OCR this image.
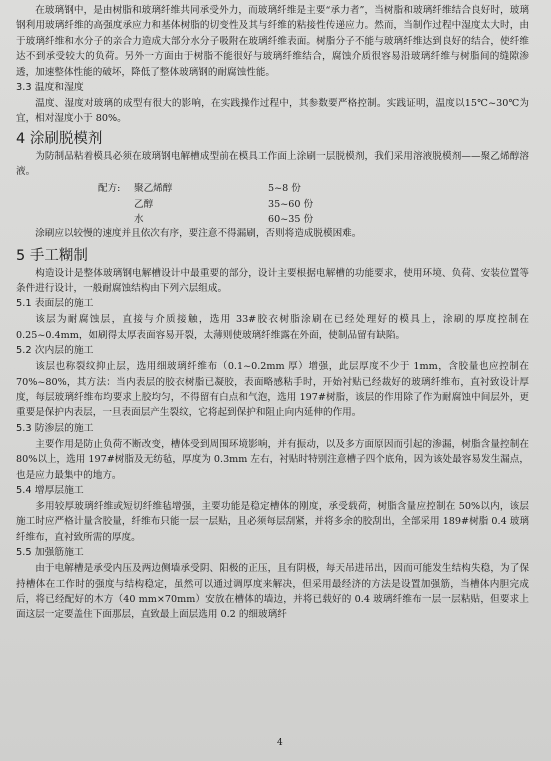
在玻璃钢中，是由树脂和玻璃纤维共同承受外力，而玻璃纤维是主要“承力者”，当树脂和玻璃纤维结合良好时，玻璃钢利用玻璃纤维的高强度承应力和基体树脂的切变性及其与纤维的粘接性传递应力。然而，当制作过程中湿度太大时，由于玻璃纤维和水分子的亲合力造成大部分水分子吸附在玻璃纤维表面。树脂分子不能与玻璃纤维达到良好的结合，使纤维达不到承受较大的负荷。另外一方面由于树脂不能很好与玻璃纤维结合，腐蚀介质很容易沿玻璃纤维与树脂间的缝隙渗透，加速整体性能的破坏，降低了整体玻璃钢的耐腐蚀性能。

3.3 温度和湿度

温度、湿度对玻璃的成型有很大的影响，在实践操作过程中，其参数要严格控制。实践证明，温度以15℃~30℃为宜，相对湿度小于 80%。

4 涂刷脱模剂

为防制品粘着模具必须在玻璃钢电解槽成型前在模具工作面上涂刷一层脱模剂，我们采用溶液脱模剂——聚乙烯醇溶液。

配方:	聚乙烯醇	5~8 份
	乙醇	35~60 份
	水	60~35 份

涂刷应以较慢的速度并且依次有序，要注意不得漏刷，否则将造成脱模困难。

5 手工糊制

构造设计是整体玻璃钢电解槽设计中最重要的部分，设计主要根据电解槽的功能要求，使用环境、负荷、安装位置等条件进行设计，一般耐腐蚀结构由下列六层组成。

5.1 表面层的施工

该层为耐腐蚀层，直接与介质接触，选用 33#胶衣树脂涂刷在已经处理好的模具上，涂刷的厚度控制在 0.25~0.4mm，如刷得太厚表面容易开裂，太薄则使玻璃纤维露在外面，使制品留有缺陷。

5.2 次内层的施工

该层也称裂纹抑止层，选用细玻璃纤维布（0.1~0.2mm 厚）增强，此层厚度不少于 1mm，含胶量也应控制在 70%~80%，其方法：当内表层的胶衣树脂已凝胶，表面略感粘手时，开始衬贴已经裁好的玻璃纤维布，直衬致设计厚度，每层玻璃纤维布均要求上胶均匀，不得留有白点和气泡，选用 197#树脂，该层的作用除了作为耐腐蚀中间层外，更重要是保护内表层，一旦表面层产生裂纹，它将起到保护和阻止向内延伸的作用。

5.3 防渗层的施工

主要作用是防止负荷不断改变，槽体受到周围环境影响，并有振动，以及多方面原因而引起的渗漏，树脂含量控制在 80%以上，选用 197#树脂及无纺毡，厚度为 0.3mm 左右，衬贴时特别注意槽子四个底角，因为该处最容易发生漏点，也是应力最集中的地方。

5.4 增厚层施工

多用较厚玻璃纤维或短切纤维毡增强，主要功能是稳定槽体的刚度，承受载荷，树脂含量应控制在 50%以内，该层施工时应严格计量含胶量，纤维布只能一层一层贴，且必须每层刮紧，并将多余的胶刮出，全部采用 189#树脂 0.4 玻璃纤维布，直衬致所需的厚度。

5.5 加强筋施工

由于电解槽是承受内压及两边侧墙承受阴、阳极的正压，且有阴极，每天吊进吊出，因而可能发生结构失稳，为了保持槽体在工作时的强度与结构稳定，虽然可以通过调厚度来解决，但采用最经济的方法是设置加强筋，当槽体内胆完成后，将已经配好的木方（40 mm×70mm）安放在槽体的墙边，并将已载好的 0.4 玻璃纤维布一层一层粘贴，但要求上面这层一定要盖住下面那层，直致最上面层选用 0.2 的细玻璃纤

4
